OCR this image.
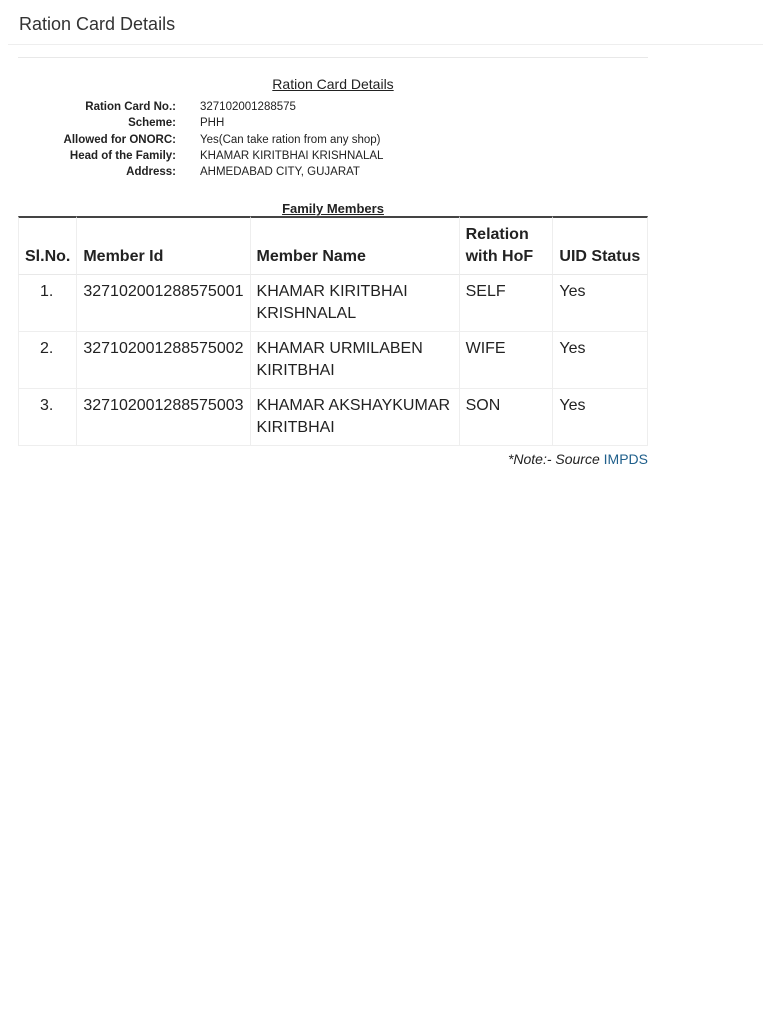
Ration Card Details
Ration Card Details
Ration Card No.: 327102001288575
Scheme: PHH
Allowed for ONORC: Yes(Can take ration from any shop)
Head of the Family: KHAMAR KIRITBHAI KRISHNALAL
Address: AHMEDABAD CITY, GUJARAT
Family Members
Sl.No.	Member Id	Member Name	Relation with HoF	UID Status
1.	327102001288575001	KHAMAR KIRITBHAI KRISHNALAL	SELF	Yes
2.	327102001288575002	KHAMAR URMILABEN KIRITBHAI	WIFE	Yes
3.	327102001288575003	KHAMAR AKSHAYKUMAR KIRITBHAI	SON	Yes
*Note:- Source IMPDS
